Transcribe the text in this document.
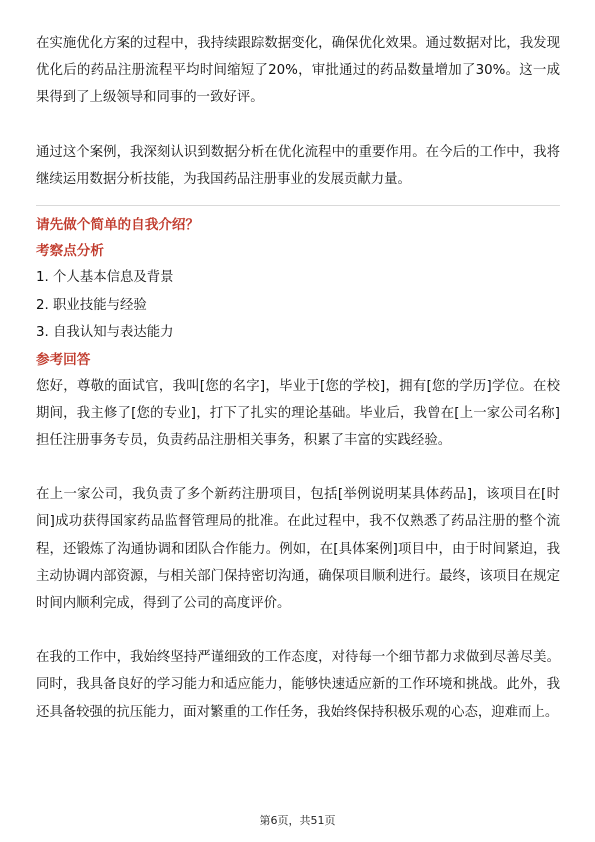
在实施优化方案的过程中，我持续跟踪数据变化，确保优化效果。通过数据对比，我发现优化后的药品注册流程平均时间缩短了20%，审批通过的药品数量增加了30%。这一成果得到了上级领导和同事的一致好评。

通过这个案例，我深刻认识到数据分析在优化流程中的重要作用。在今后的工作中，我将继续运用数据分析技能，为我国药品注册事业的发展贡献力量。

请先做个简单的自我介绍？

考察点分析

1. 个人基本信息及背景

2. 职业技能与经验

3. 自我认知与表达能力

参考回答

您好，尊敬的面试官，我叫[您的名字]，毕业于[您的学校]，拥有[您的学历]学位。在校期间，我主修了[您的专业]，打下了扎实的理论基础。毕业后，我曾在[上一家公司名称]担任注册事务专员，负责药品注册相关事务，积累了丰富的实践经验。

在上一家公司，我负责了多个新药注册项目，包括[举例说明某具体药品]，该项目在[时间]成功获得国家药品监督管理局的批准。在此过程中，我不仅熟悉了药品注册的整个流程，还锻炼了沟通协调和团队合作能力。例如，在[具体案例]项目中，由于时间紧迫，我主动协调内部资源，与相关部门保持密切沟通，确保项目顺利进行。最终，该项目在规定时间内顺利完成，得到了公司的高度评价。

在我的工作中，我始终坚持严谨细致的工作态度，对待每一个细节都力求做到尽善尽美。同时，我具备良好的学习能力和适应能力，能够快速适应新的工作环境和挑战。此外，我还具备较强的抗压能力，面对繁重的工作任务，我始终保持积极乐观的心态，迎难而上。

第6页，共51页
